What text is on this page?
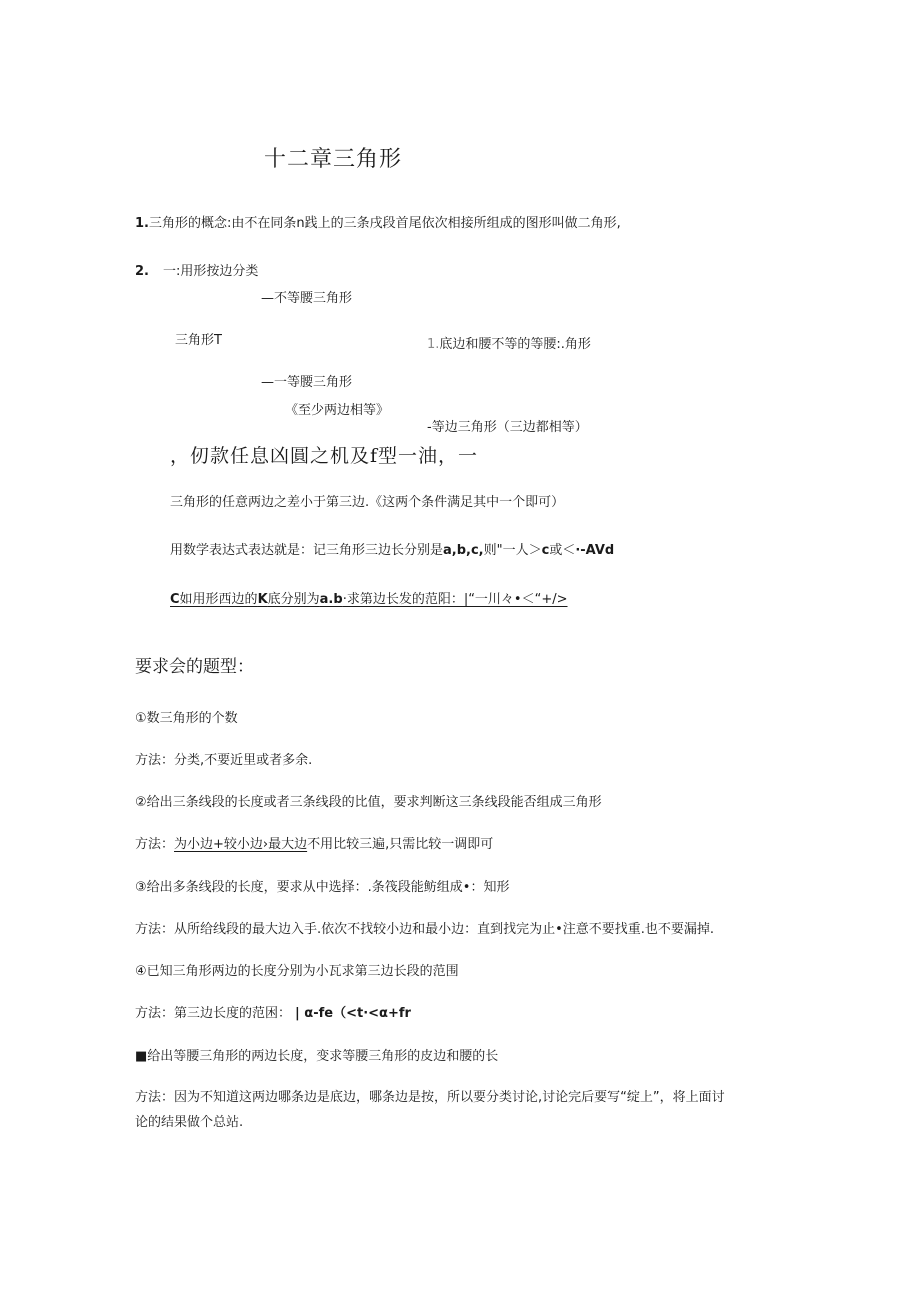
十二章三角形
1.三角形的概念:由不在同条n践上的三条戌段首尾依次相接所组成的图形叫做二角形,
2. 一:用形按边分类
—不等腰三角形
三角形T	1.底边和腰不等的等腰:.角形
—一等腰三角形
《至少两边相等》
-等边三角形（三边都相等）
，仞款任息凶圓之机及f型一油，一
三角形的任意两边之差小于第三边.《这两个条件满足其中一个即可）
用数学表达式表达就是：记三角形三边长分别是a,b,c,则"一人＞c或＜·-AVd
C如用形西边的K底分别为a.b·求第边长发的范阳：|“一川々•＜“+/>
要求会的题型：
①数三角形的个数
方法：分类,不要近里或者多余.
②给出三条线段的长度或者三条线段的比值，要求判断这三条线段能否组成三角形
方法：为小边+较小边›最大边不用比较三遍,只需比较一调即可
③给出多条线段的长度，要求从中选择：.条筏段能鲂组成•：知形
方法：从所给线段的最大边入手.依次不找较小边和最小边：直到找完为止•注意不要找重.也不要漏掉.
④已知三角形两边的长度分别为小瓦求第三边长段的范围
方法：第三边长度的范困： | α-fe（<t·<α+fr
■给出等腰三角形的两边长度，变求等腰三角形的皮边和腰的长
方法：因为不知道这两边哪条边是底边，哪条边是按，所以要分类讨论,讨论完后要写“绽上”，将上面讨
论的结果做个总站.
